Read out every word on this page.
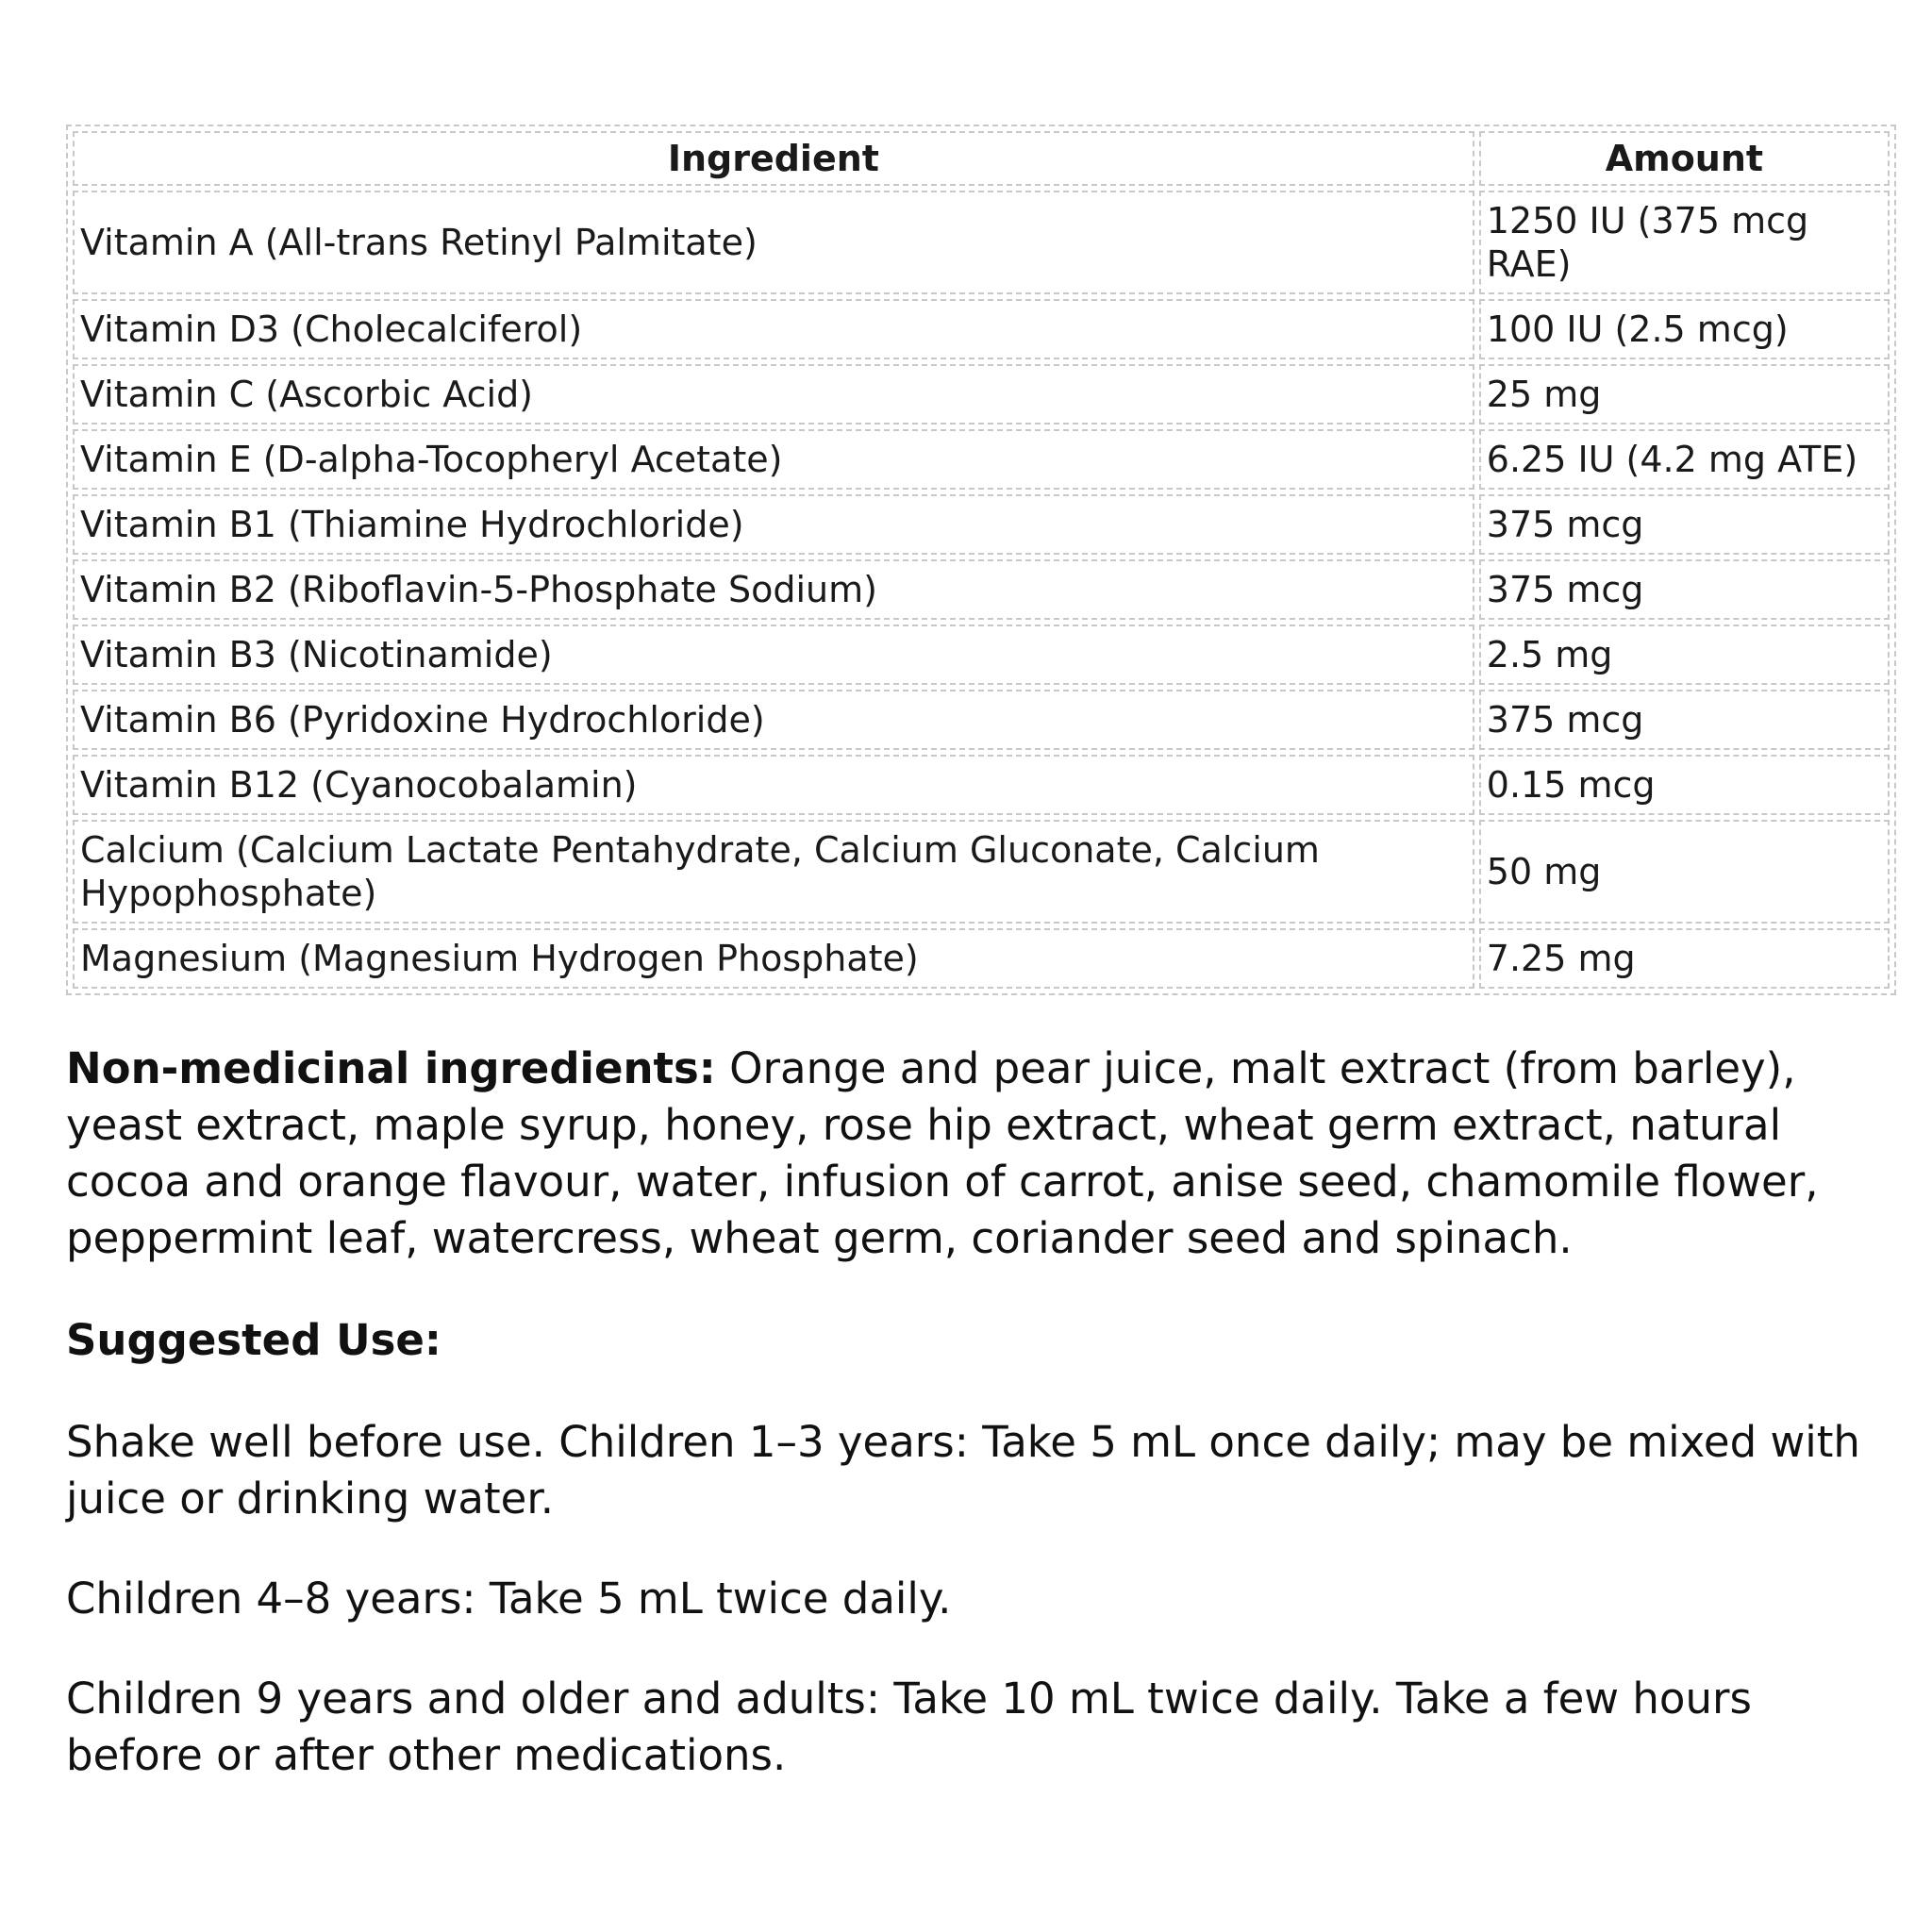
Ingredient	Amount
Vitamin A (All-trans Retinyl Palmitate)	1250 IU (375 mcg RAE)
Vitamin D3 (Cholecalciferol)	100 IU (2.5 mcg)
Vitamin C (Ascorbic Acid)	25 mg
Vitamin E (D-alpha-Tocopheryl Acetate)	6.25 IU (4.2 mg ATE)
Vitamin B1 (Thiamine Hydrochloride)	375 mcg
Vitamin B2 (Riboflavin-5-Phosphate Sodium)	375 mcg
Vitamin B3 (Nicotinamide)	2.5 mg
Vitamin B6 (Pyridoxine Hydrochloride)	375 mcg
Vitamin B12 (Cyanocobalamin)	0.15 mcg
Calcium (Calcium Lactate Pentahydrate, Calcium Gluconate, Calcium Hypophosphate)	50 mg
Magnesium (Magnesium Hydrogen Phosphate)	7.25 mg

Non-medicinal ingredients: Orange and pear juice, malt extract (from barley), yeast extract, maple syrup, honey, rose hip extract, wheat germ extract, natural cocoa and orange flavour, water, infusion of carrot, anise seed, chamomile flower, peppermint leaf, watercress, wheat germ, coriander seed and spinach.

Suggested Use:

Shake well before use. Children 1–3 years: Take 5 mL once daily; may be mixed with juice or drinking water.

Children 4–8 years: Take 5 mL twice daily.

Children 9 years and older and adults: Take 10 mL twice daily. Take a few hours before or after other medications.
